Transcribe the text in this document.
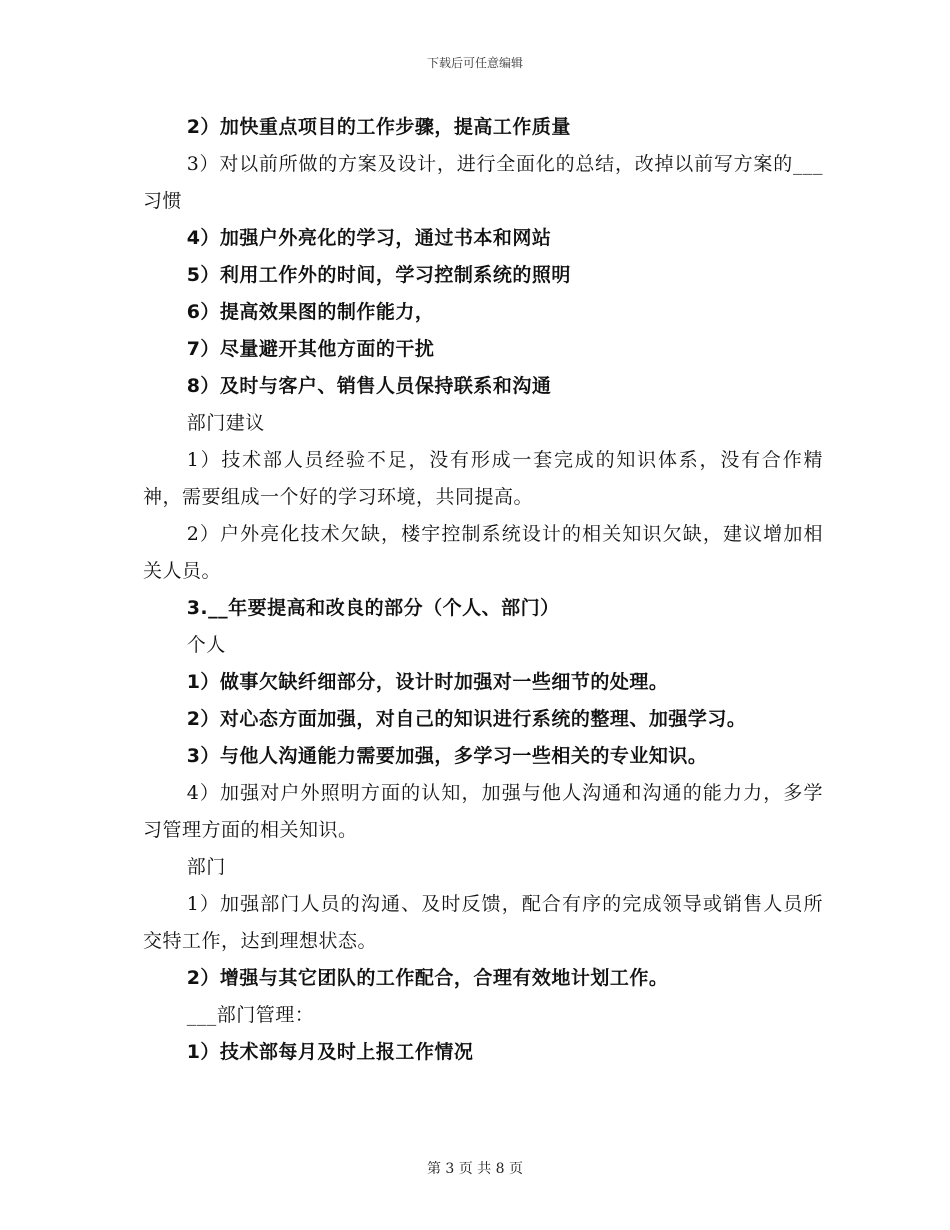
下载后可任意编辑

2）加快重点项目的工作步骤，提高工作质量

3）对以前所做的方案及设计，进行全面化的总结，改掉以前写方案的___习惯

4）加强户外亮化的学习，通过书本和网站

5）利用工作外的时间，学习控制系统的照明

6）提高效果图的制作能力，

7）尽量避开其他方面的干扰

8）及时与客户、销售人员保持联系和沟通

部门建议

1）技术部人员经验不足，没有形成一套完成的知识体系，没有合作精神，需要组成一个好的学习环境，共同提高。

2）户外亮化技术欠缺，楼宇控制系统设计的相关知识欠缺，建议增加相关人员。

3.__年要提高和改良的部分（个人、部门）

个人

1）做事欠缺纤细部分，设计时加强对一些细节的处理。

2）对心态方面加强，对自己的知识进行系统的整理、加强学习。

3）与他人沟通能力需要加强，多学习一些相关的专业知识。

4）加强对户外照明方面的认知，加强与他人沟通和沟通的能力力，多学习管理方面的相关知识。

部门

1）加强部门人员的沟通、及时反馈，配合有序的完成领导或销售人员所交特工作，达到理想状态。

2）增强与其它团队的工作配合，合理有效地计划工作。

___部门管理：

1）技术部每月及时上报工作情况

第 3 页 共 8 页
